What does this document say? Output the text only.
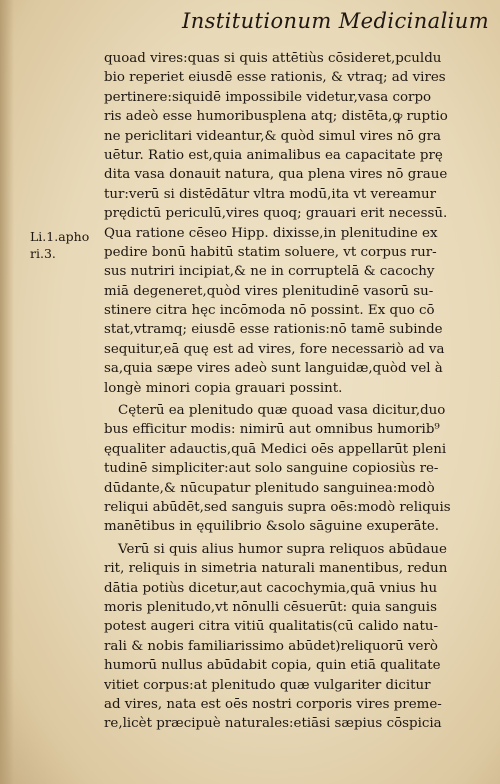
Institutionum Medicinalium
Li.1.apho
ri.3.
quoad vires:quas si quis attētiùs cōsideret,pculdu
bio reperiet eiusdē esse rationis, & vtraq; ad vires
pertinere:siquidē impossibile videtur,vasa corpo
ris adeò esse humoribusplena atq; distēta,ꝙ ruptio
ne periclitari videantur,& quòd simul vires nō gra
uētur. Ratio est,quia animalibus ea capacitate prę
dita vasa donauit natura, qua plena vires nō graue
tur:verū si distēdātur vltra modū,ita vt vereamur
prędictū periculū,vires quoq; grauari erit necessū.
Qua ratione cēseo Hipp. dixisse,in plenitudine ex
pedire bonū habitū statim soluere, vt corpus rur-
sus nutriri incipiat,& ne in corruptelā & cacochy
miā degeneret,quòd vires plenitudinē vasorū su-
stinere citra hęc incōmoda nō possint. Ex quo cō
stat,vtramq; eiusdē esse rationis:nō tamē subinde
sequitur,eā quę est ad vires, fore necessariò ad va
sa,quia sæpe vires adeò sunt languidæ,quòd vel à
longè minori copia grauari possint.
Cęterū ea plenitudo quæ quoad vasa dicitur,duo
bus efficitur modis: nimirū aut omnibus humorib⁹
ęqualiter adauctis,quā Medici oēs appellarūt pleni
tudinē simpliciter:aut solo sanguine copiosiùs re-
dūdante,& nūcupatur plenitudo sanguinea:modò
reliqui abūdēt,sed sanguis supra oēs:modò reliquis
manētibus in ęquilibrio &solo sāguine exuperāte.
Verū si quis alius humor supra reliquos abūdaue
rit, reliquis in simetria naturali manentibus, redun
dātia potiùs dicetur,aut cacochymia,quā vnius hu
moris plenitudo,vt nōnulli cēsuerūt: quia sanguis
potest augeri citra vitiū qualitatis(cū calido natu-
rali & nobis familiarissimo abūdet)reliquorū verò
humorū nullus abūdabit copia, quin etiā qualitate
vitiet corpus:at plenitudo quæ vulgariter dicitur
ad vires, nata est oēs nostri corporis vires preme-
re,licèt præcipuè naturales:etiāsi sæpius cōspicia
